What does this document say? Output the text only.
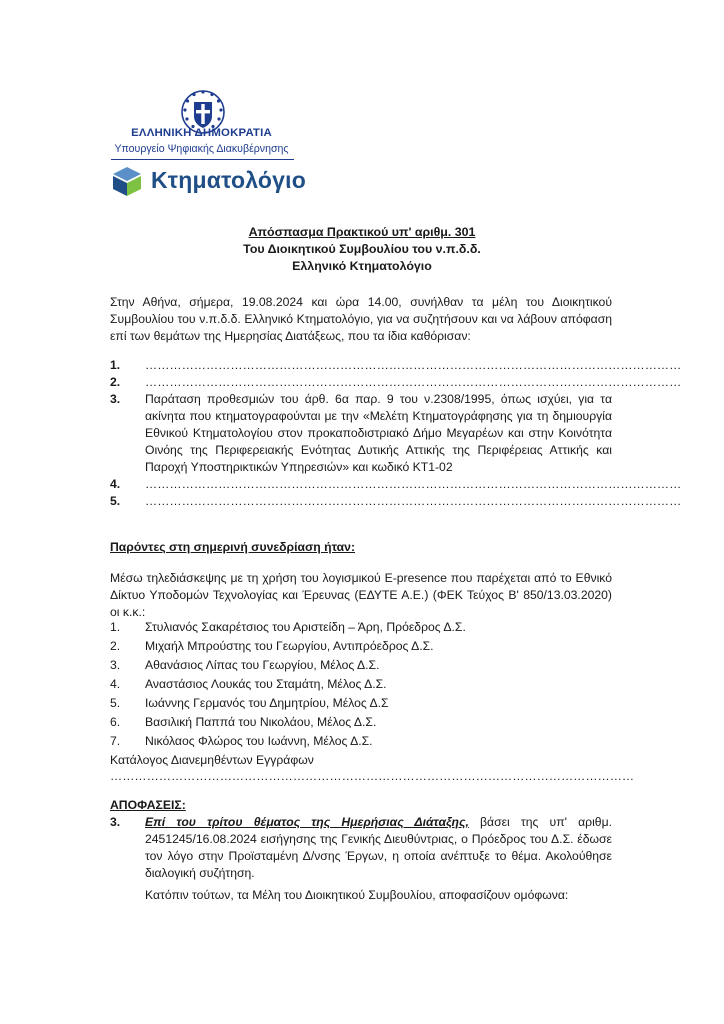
ΕΛΛΗΝΙΚΗ ΔΗΜΟΚΡΑΤΙΑ
Υπουργείο Ψηφιακής Διακυβέρνησης
Κτηματολόγιο
Απόσπασμα Πρακτικού υπ' αριθμ. 301
Του Διοικητικού Συμβουλίου του ν.π.δ.δ.
Ελληνικό Κτηματολόγιο
Στην Αθήνα, σήμερα, 19.08.2024 και ώρα 14.00, συνήλθαν τα μέλη του Διοικητικού Συμβουλίου του ν.π.δ.δ. Ελληνικό Κτηματολόγιο, για να συζητήσουν και να λάβουν απόφαση επί των θεμάτων της Ημερησίας Διατάξεως, που τα ίδια καθόρισαν:
1. ……………………………………………………………………………………………………………………
2. ……………………………………………………………………………………………………………………
3. Παράταση προθεσμιών του άρθ. 6α παρ. 9 του ν.2308/1995, όπως ισχύει, για τα ακίνητα που κτηματογραφούνται με την «Μελέτη Κτηματογράφησης για τη δημιουργία Εθνικού Κτηματολογίου στον προκαποδιστριακό Δήμο Μεγαρέων και στην Κοινότητα Οινόης της Περιφερειακής Ενότητας Δυτικής Αττικής της Περιφέρειας Αττικής και Παροχή Υποστηρικτικών Υπηρεσιών» και κωδικό ΚΤ1-02
4. ……………………………………………………………………………………………………………………
5. ……………………………………………………………………………………………………………………
Παρόντες στη σημερινή συνεδρίαση ήταν:
Μέσω τηλεδιάσκεψης με τη χρήση του λογισμικού E-presence που παρέχεται από το Εθνικό Δίκτυο Υποδομών Τεχνολογίας και Έρευνας (ΕΔΥΤΕ Α.Ε.) (ΦΕΚ Τεύχος Β' 850/13.03.2020) οι κ.κ.:
1. Στυλιανός Σακαρέτσιος του Αριστείδη – Άρη, Πρόεδρος Δ.Σ.
2. Μιχαήλ Μπρούστης του Γεωργίου, Αντιπρόεδρος Δ.Σ.
3. Αθανάσιος Λίπας του Γεωργίου, Μέλος Δ.Σ.
4. Αναστάσιος Λουκάς του Σταμάτη, Μέλος Δ.Σ.
5. Ιωάννης Γερμανός του Δημητρίου, Μέλος Δ.Σ
6. Βασιλική Παππά του Νικολάου, Μέλος Δ.Σ.
7. Νικόλαος Φλώρος του Ιωάννη, Μέλος Δ.Σ.
Κατάλογος Διανεμηθέντων Εγγράφων
…………………………………………………………………………………………………………………
ΑΠΟΦΑΣΕΙΣ:
3. Επί του τρίτου θέματος της Ημερήσιας Διάταξης, βάσει της υπ' αριθμ. 2451245/16.08.2024 εισήγησης της Γενικής Διευθύντριας, ο Πρόεδρος του Δ.Σ. έδωσε τον λόγο στην Προϊσταμένη Δ/νσης Έργων, η οποία ανέπτυξε το θέμα. Ακολούθησε διαλογική συζήτηση.
Κατόπιν τούτων, τα Μέλη του Διοικητικού Συμβουλίου, αποφασίζουν ομόφωνα:
